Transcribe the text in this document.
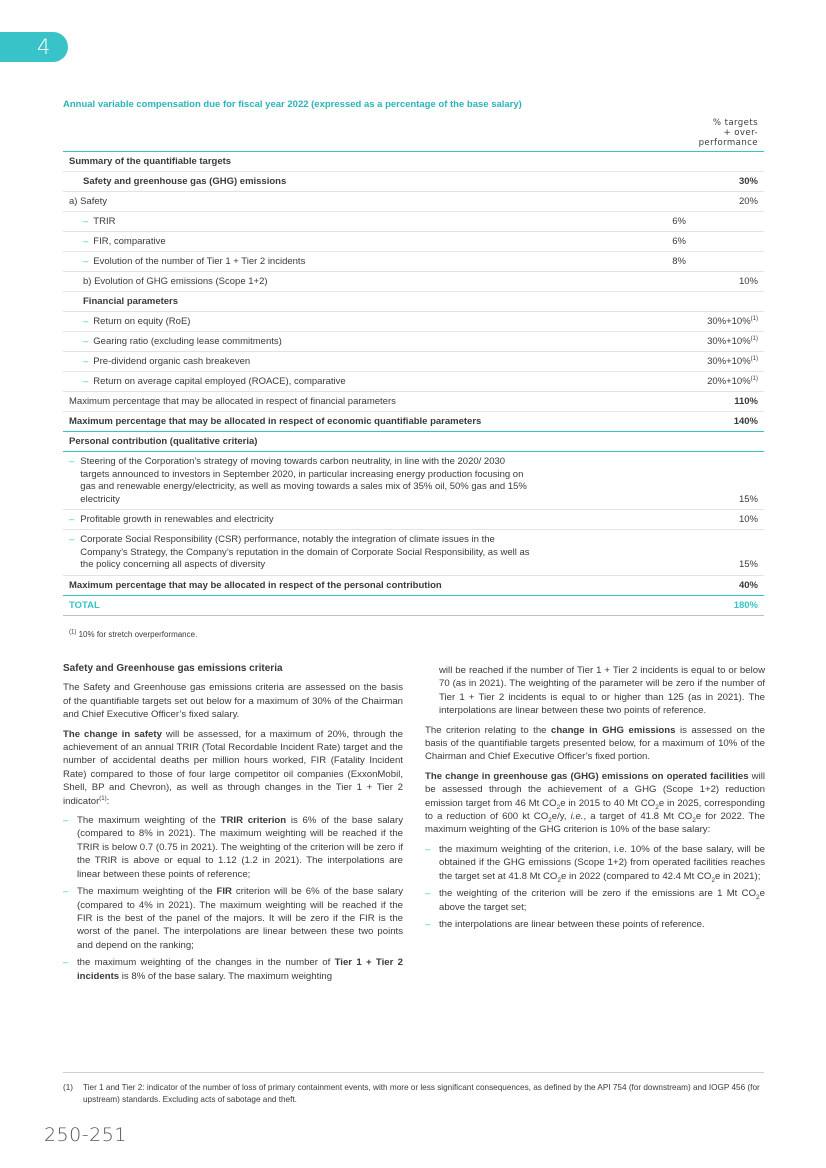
4
Annual variable compensation due for fiscal year 2022 (expressed as a percentage of the base salary)
% targets
+ over-
performance
Summary of the quantifiable targets		
Safety and greenhouse gas (GHG) emissions		30%
a) Safety		20%
– TRIR	6%	
– FIR, comparative	6%	
– Evolution of the number of Tier 1 + Tier 2 incidents	8%	
b) Evolution of GHG emissions (Scope 1+2)		10%
Financial parameters		
– Return on equity (RoE)		30%+10%$^{(1)}$
– Gearing ratio (excluding lease commitments)		30%+10%$^{(1)}$
– Pre-dividend organic cash breakeven		30%+10%$^{(1)}$
– Return on average capital employed (ROACE), comparative		20%+10%$^{(1)}$
Maximum percentage that may be allocated in respect of financial parameters		110%
Maximum percentage that may be allocated in respect of economic quantifiable parameters		140%
Personal contribution (qualitative criteria)		

– Steering of the Corporation’s strategy of moving towards carbon neutrality, in line with the 2020/ 2030 targets announced to investors in September 2020, in particular increasing energy production focusing on gas and renewable energy/electricity, as well as moving towards a sales mix of 35% oil, 50% gas and 15% electricity		15%

– Profitable growth in renewables and electricity		10%

– Corporate Social Responsibility (CSR) performance, notably the integration of climate issues in the Company’s Strategy, the Company’s reputation in the domain of Corporate Social Responsibility, as well as the policy concerning all aspects of diversity		15%
Maximum percentage that may be allocated in respect of the personal contribution		40%
TOTAL		180%
$^{(1)}$ 10% for stretch overperformance.
Safety and Greenhouse gas emissions criteria

The Safety and Greenhouse gas emissions criteria are assessed on the basis of the quantifiable targets set out below for a maximum of 30% of the Chairman and Chief Executive Officer’s fixed salary.

The change in safety will be assessed, for a maximum of 20%, through the achievement of an annual TRIR (Total Recordable Incident Rate) target and the number of accidental deaths per million hours worked, FIR (Fatality Incident Rate) compared to those of four large competitor oil companies (ExxonMobil, Shell, BP and Chevron), as well as through changes in the Tier 1 + Tier 2 indicator$^{(1)}$:

– The maximum weighting of the TRIR criterion is 6% of the base salary (compared to 8% in 2021). The maximum weighting will be reached if the TRIR is below 0.7 (0.75 in 2021). The weighting of the criterion will be zero if the TRIR is above or equal to 1.12 (1.2 in 2021). The interpolations are linear between these points of reference;
– The maximum weighting of the FIR criterion will be 6% of the base salary (compared to 4% in 2021). The maximum weighting will be reached if the FIR is the best of the panel of the majors. It will be zero if the FIR is the worst of the panel. The interpolations are linear between these two points and depend on the ranking;
– the maximum weighting of the changes in the number of Tier 1 + Tier 2 incidents is 8% of the base salary. The maximum weighting

will be reached if the number of Tier 1 + Tier 2 incidents is equal to or below 70 (as in 2021). The weighting of the parameter will be zero if the number of Tier 1 + Tier 2 incidents is equal to or higher than 125 (as in 2021). The interpolations are linear between these two points of reference.

The criterion relating to the change in GHG emissions is assessed on the basis of the quantifiable targets presented below, for a maximum of 10% of the Chairman and Chief Executive Officer’s fixed portion.

The change in greenhouse gas (GHG) emissions on operated facilities will be assessed through the achievement of a GHG (Scope 1+2) reduction emission target from 46 Mt $CO_2e$ in 2015 to 40 Mt $CO_2e$ in 2025, corresponding to a reduction of 600 kt $CO_2e/y$, i.e., a target of 41.8 Mt $CO_2e$ for 2022. The maximum weighting of the GHG criterion is 10% of the base salary:

– the maximum weighting of the criterion, i.e. 10% of the base salary, will be obtained if the GHG emissions (Scope 1+2) from operated facilities reaches the target set at 41.8 Mt $CO_2e$ in 2022 (compared to 42.4 Mt $CO_2e$ in 2021);
– the weighting of the criterion will be zero if the emissions are 1 Mt $CO_2e$ above the target set;
– the interpolations are linear between these points of reference.
(1)	Tier 1 and Tier 2: indicator of the number of loss of primary containment events, with more or less significant consequences, as defined by the API 754 (for downstream) and IOGP 456 (for upstream) standards. Excluding acts of sabotage and theft.
250-251
